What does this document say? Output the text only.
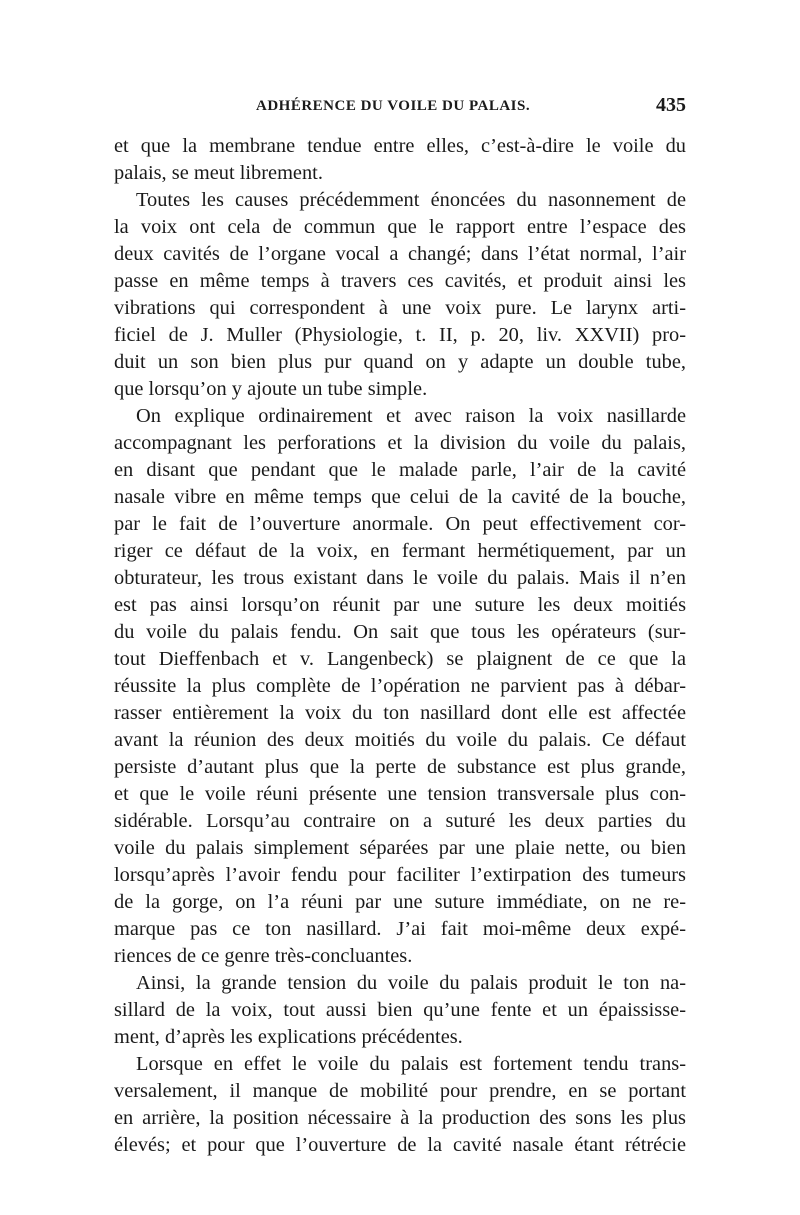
ADHÉRENCE DU VOILE DU PALAIS.	435
et que la membrane tendue entre elles, c’est-à-dire le voile du
palais, se meut librement.
Toutes les causes précédemment énoncées du nasonnement de
la voix ont cela de commun que le rapport entre l’espace des
deux cavités de l’organe vocal a changé; dans l’état normal, l’air
passe en même temps à travers ces cavités, et produit ainsi les
vibrations qui correspondent à une voix pure. Le larynx arti-
ficiel de J. Muller (Physiologie, t. II, p. 20, liv. XXVII) pro-
duit un son bien plus pur quand on y adapte un double tube,
que lorsqu’on y ajoute un tube simple.
On explique ordinairement et avec raison la voix nasillarde
accompagnant les perforations et la division du voile du palais,
en disant que pendant que le malade parle, l’air de la cavité
nasale vibre en même temps que celui de la cavité de la bouche,
par le fait de l’ouverture anormale. On peut effectivement cor-
riger ce défaut de la voix, en fermant hermétiquement, par un
obturateur, les trous existant dans le voile du palais. Mais il n’en
est pas ainsi lorsqu’on réunit par une suture les deux moitiés
du voile du palais fendu. On sait que tous les opérateurs (sur-
tout Dieffenbach et v. Langenbeck) se plaignent de ce que la
réussite la plus complète de l’opération ne parvient pas à débar-
rasser entièrement la voix du ton nasillard dont elle est affectée
avant la réunion des deux moitiés du voile du palais. Ce défaut
persiste d’autant plus que la perte de substance est plus grande,
et que le voile réuni présente une tension transversale plus con-
sidérable. Lorsqu’au contraire on a suturé les deux parties du
voile du palais simplement séparées par une plaie nette, ou bien
lorsqu’après l’avoir fendu pour faciliter l’extirpation des tumeurs
de la gorge, on l’a réuni par une suture immédiate, on ne re-
marque pas ce ton nasillard. J’ai fait moi-même deux expé-
riences de ce genre très-concluantes.
Ainsi, la grande tension du voile du palais produit le ton na-
sillard de la voix, tout aussi bien qu’une fente et un épaississe-
ment, d’après les explications précédentes.
Lorsque en effet le voile du palais est fortement tendu trans-
versalement, il manque de mobilité pour prendre, en se portant
en arrière, la position nécessaire à la production des sons les plus
élevés; et pour que l’ouverture de la cavité nasale étant rétrécie
